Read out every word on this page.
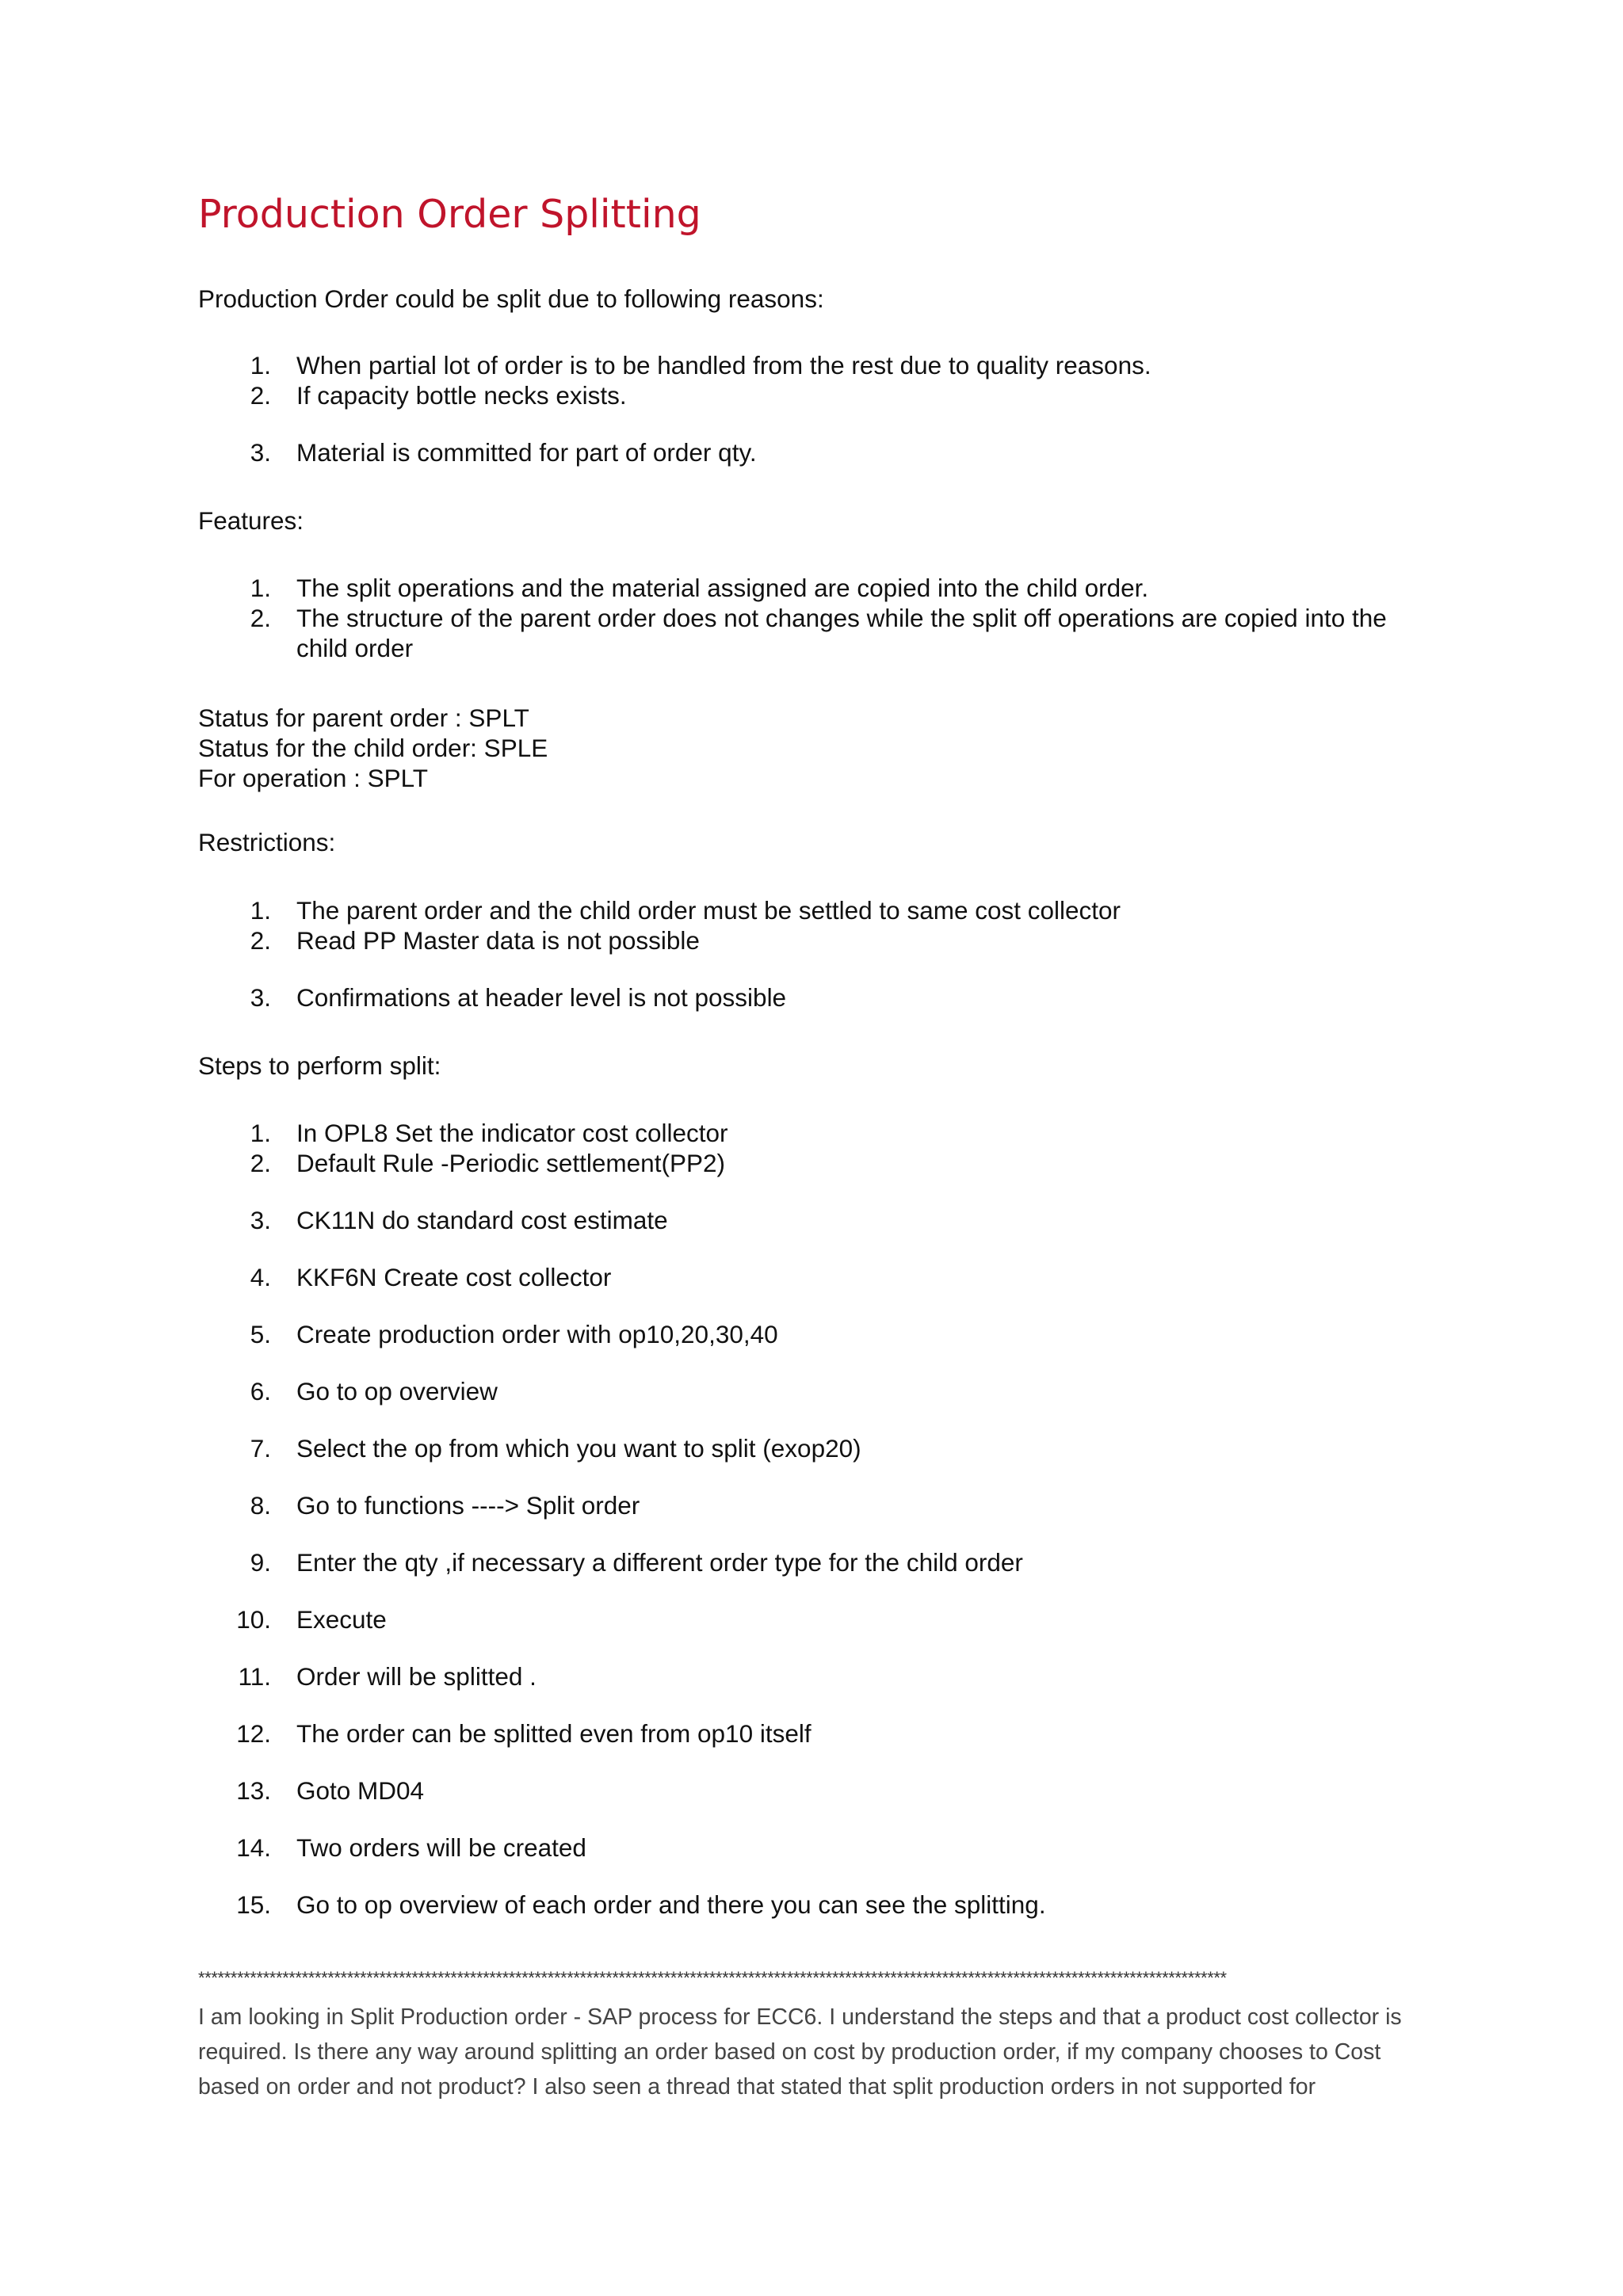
Production Order Splitting

Production Order could be split due to following reasons:

1. When partial lot of order is to be handled from the rest due to quality reasons.
2. If capacity bottle necks exists.
3. Material is committed for part of order qty.

Features:

1. The split operations and the material assigned are copied into the child order.
2. The structure of the parent order does not changes while the split off operations are copied into the child order
Status for parent order : SPLT
Status for the child order: SPLE
For operation : SPLT

Restrictions:

1. The parent order and the child order must be settled to same cost collector
2. Read PP Master data is not possible
3. Confirmations at header level is not possible

Steps to perform split:

1. In OPL8 Set the indicator cost collector
2. Default Rule -Periodic settlement(PP2)
3. CK11N do standard cost estimate
4. KKF6N Create cost collector
5. Create production order with op10,20,30,40
6. Go to op overview
7. Select the op from which you want to split (exop20)
8. Go to functions ----> Split order
9. Enter the qty ,if necessary a different order type for the child order
10. Execute
11. Order will be splitted .
12. The order can be splitted even from op10 itself
13. Goto MD04
14. Two orders will be created
15. Go to op overview of each order and there you can see the splitting.
***************************************************************************************************************************************************************

I am looking in Split Production order - SAP process for ECC6. I understand the steps and that a product cost collector is required. Is there any way around splitting an order based on cost by production order, if my company chooses to Cost based on order and not product? I also seen a thread that stated that split production orders in not supported for
